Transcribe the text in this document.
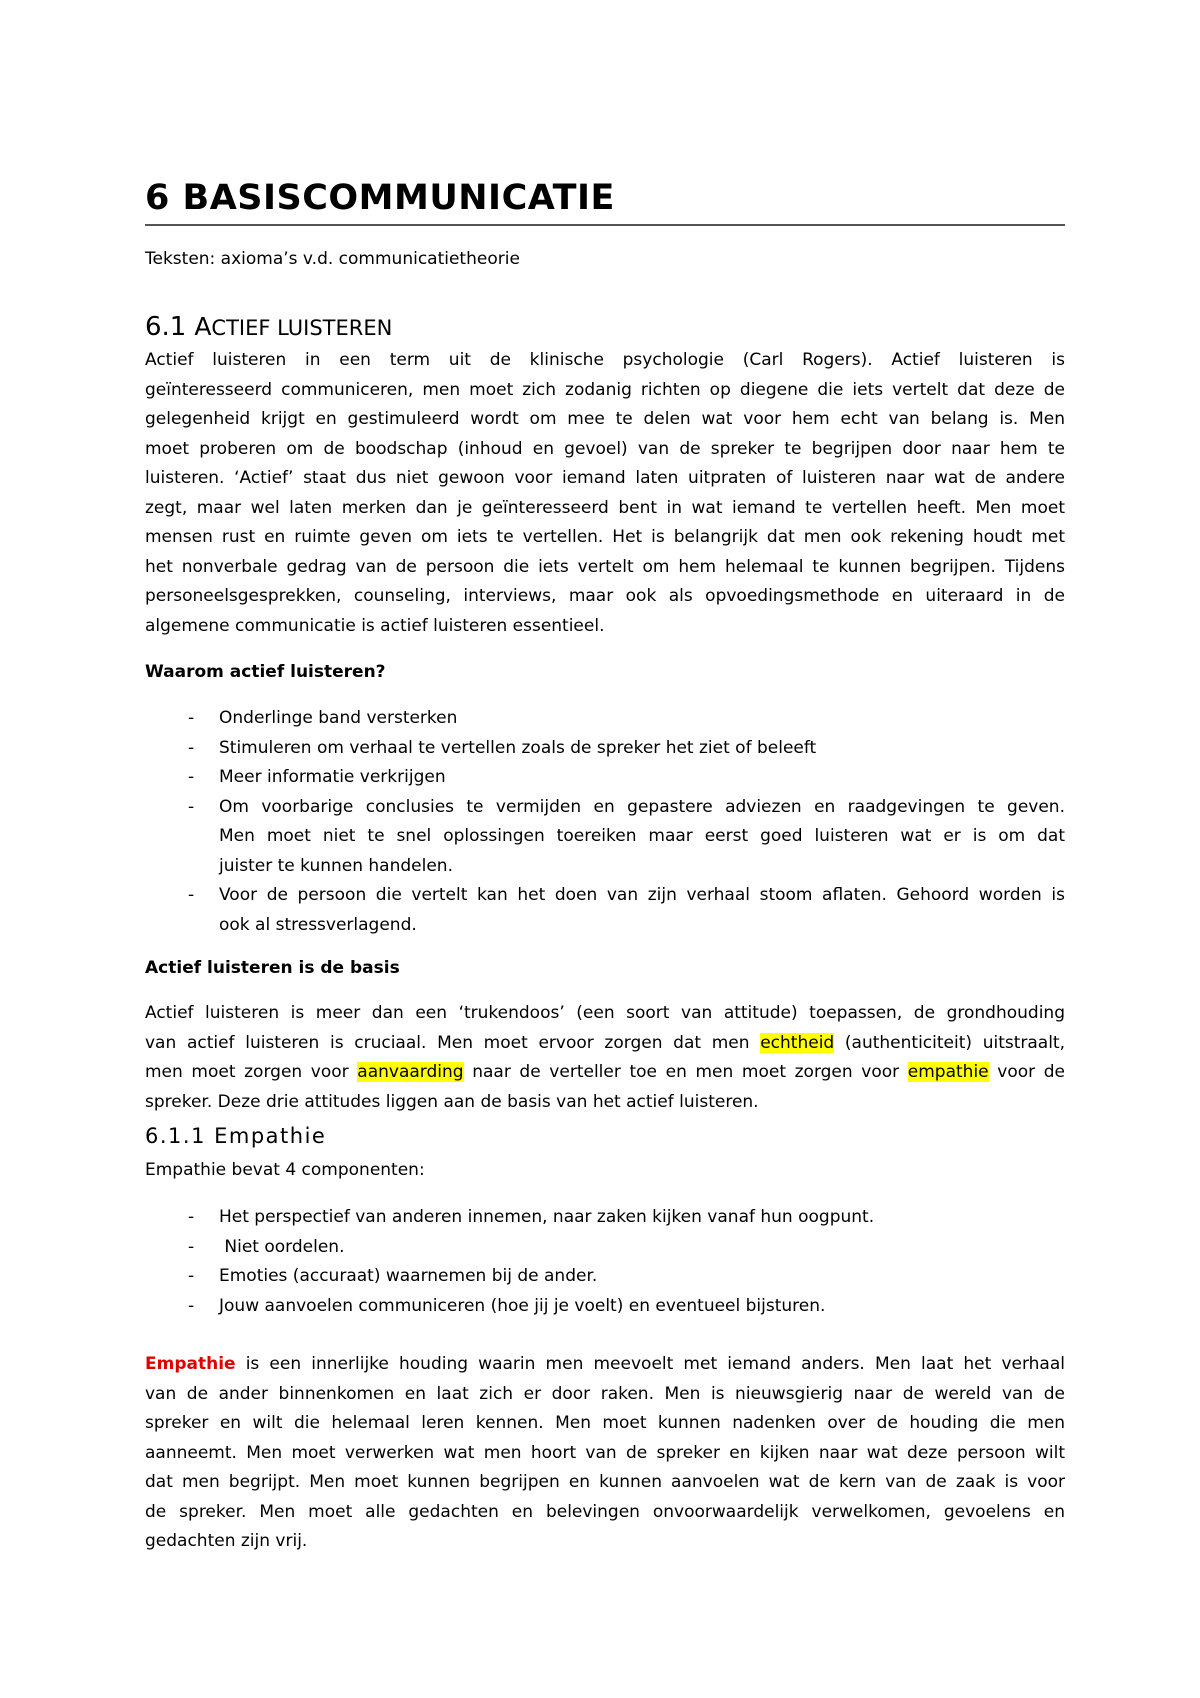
6 BASISCOMMUNICATIE
Teksten: axioma’s v.d. communicatietheorie
6.1 ACTIEF LUISTEREN
Actief luisteren in een term uit de klinische psychologie (Carl Rogers). Actief luisteren is
geïnteresseerd communiceren, men moet zich zodanig richten op diegene die iets vertelt dat deze de
gelegenheid krijgt en gestimuleerd wordt om mee te delen wat voor hem echt van belang is. Men
moet proberen om de boodschap (inhoud en gevoel) van de spreker te begrijpen door naar hem te
luisteren. ‘Actief’ staat dus niet gewoon voor iemand laten uitpraten of luisteren naar wat de andere
zegt, maar wel laten merken dan je geïnteresseerd bent in wat iemand te vertellen heeft. Men moet
mensen rust en ruimte geven om iets te vertellen. Het is belangrijk dat men ook rekening houdt met
het nonverbale gedrag van de persoon die iets vertelt om hem helemaal te kunnen begrijpen. Tijdens
personeelsgesprekken, counseling, interviews, maar ook als opvoedingsmethode en uiteraard in de
algemene communicatie is actief luisteren essentieel.
Waarom actief luisteren?
- Onderlinge band versterken
- Stimuleren om verhaal te vertellen zoals de spreker het ziet of beleeft
- Meer informatie verkrijgen
- Om voorbarige conclusies te vermijden en gepastere adviezen en raadgevingen te geven.
Men moet niet te snel oplossingen toereiken maar eerst goed luisteren wat er is om dat
juister te kunnen handelen.
- Voor de persoon die vertelt kan het doen van zijn verhaal stoom aflaten. Gehoord worden is
ook al stressverlagend.
Actief luisteren is de basis
Actief luisteren is meer dan een ‘trukendoos’ (een soort van attitude) toepassen, de grondhouding
van actief luisteren is cruciaal. Men moet ervoor zorgen dat men echtheid (authenticiteit) uitstraalt,
men moet zorgen voor aanvaarding naar de verteller toe en men moet zorgen voor empathie voor de
spreker. Deze drie attitudes liggen aan de basis van het actief luisteren.
6.1.1 Empathie
Empathie bevat 4 componenten:
- Het perspectief van anderen innemen, naar zaken kijken vanaf hun oogpunt.
- Niet oordelen.
- Emoties (accuraat) waarnemen bij de ander.
- Jouw aanvoelen communiceren (hoe jij je voelt) en eventueel bijsturen.
Empathie is een innerlijke houding waarin men meevoelt met iemand anders. Men laat het verhaal
van de ander binnenkomen en laat zich er door raken. Men is nieuwsgierig naar de wereld van de
spreker en wilt die helemaal leren kennen. Men moet kunnen nadenken over de houding die men
aanneemt. Men moet verwerken wat men hoort van de spreker en kijken naar wat deze persoon wilt
dat men begrijpt. Men moet kunnen begrijpen en kunnen aanvoelen wat de kern van de zaak is voor
de spreker. Men moet alle gedachten en belevingen onvoorwaardelijk verwelkomen, gevoelens en
gedachten zijn vrij.
